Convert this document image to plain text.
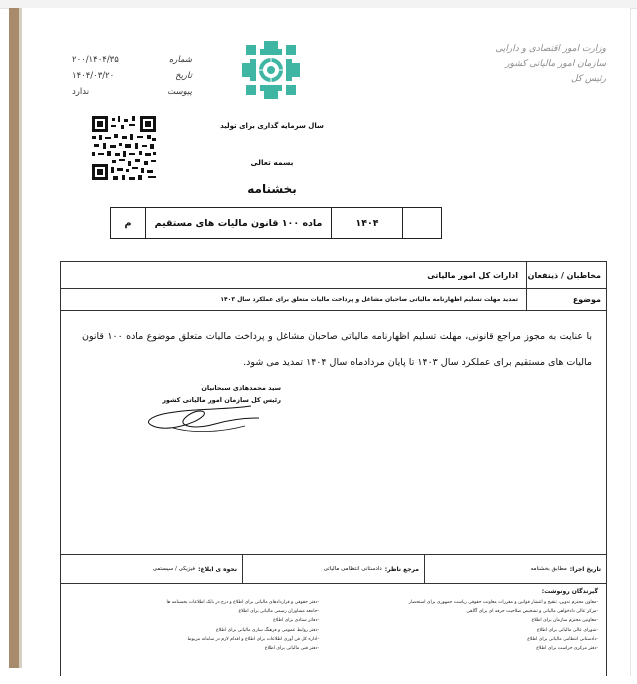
وزارت امور اقتصادی و دارایی
سازمان امور مالیاتی کشور
رئیس کل
شماره
۲۰۰/۱۴۰۴/۳۵
تاریخ
۱۴۰۴/۰۳/۲۰
پیوست
ندارد
سال سرمایه گذاری برای تولید
بسمه تعالی
بخشنامه
۱۴۰۴
ماده ۱۰۰ قانون مالیات های مستقیم
م
مخاطبان / ذینفعان
ادارات کل امور مالیاتی
موضوع
تمدید مهلت تسلیم اظهارنامه مالیاتی صاحبان مشاغل و پرداخت مالیات متعلق برای عملکرد سال ۱۴۰۳
با عنایت به مجوز مراجع قانونی، مهلت تسلیم اظهارنامه مالیاتی صاحبان مشاغل و پرداخت مالیات متعلق موضوع ماده ۱۰۰ قانون مالیات های مستقیم برای عملکرد سال ۱۴۰۳ تا پایان مردادماه سال ۱۴۰۴ تمدید می شود.
سید محمدهادی سبحانیان
رئیس کل سازمان امور مالیاتی کشور
تاریخ اجرا:
مطابق بخشنامه
مرجع ناظر:
دادستانی انتظامی مالیاتی
نحوه ی ابلاغ:
فیزیکی / سیستمی
گیرندگان رونوشت:
-معاون محترم تدوین، تنقیح و انتشار قوانین و مقررات معاونت حقوقی ریاست جمهوری برای استحضار
-مرکز عالی دادخواهی مالیاتی و تشخیص صلاحیت حرفه ای برای آگاهی
-معاونین محترم سازمان برای اطلاع
-شورای عالی مالیاتی برای اطلاع
-دادستانی انتظامی مالیاتی برای اطلاع
-دفتر مرکزی حراست برای اطلاع
-دفتر حقوقی و قراردادهای مالیاتی برای اطلاع و درج در بانک اطلاعات بخشنامه ها
-جامعه مشاوران رسمی مالیاتی برای اطلاع
-دفاتر ستادی برای اطلاع
-دفتر روابط عمومی و فرهنگ سازی مالیاتی برای اطلاع
-اداره کل فن آوری اطلاعات برای اطلاع و اقدام لازم در سامانه مربوط
-دفتر فنی مالیاتی برای اطلاع
